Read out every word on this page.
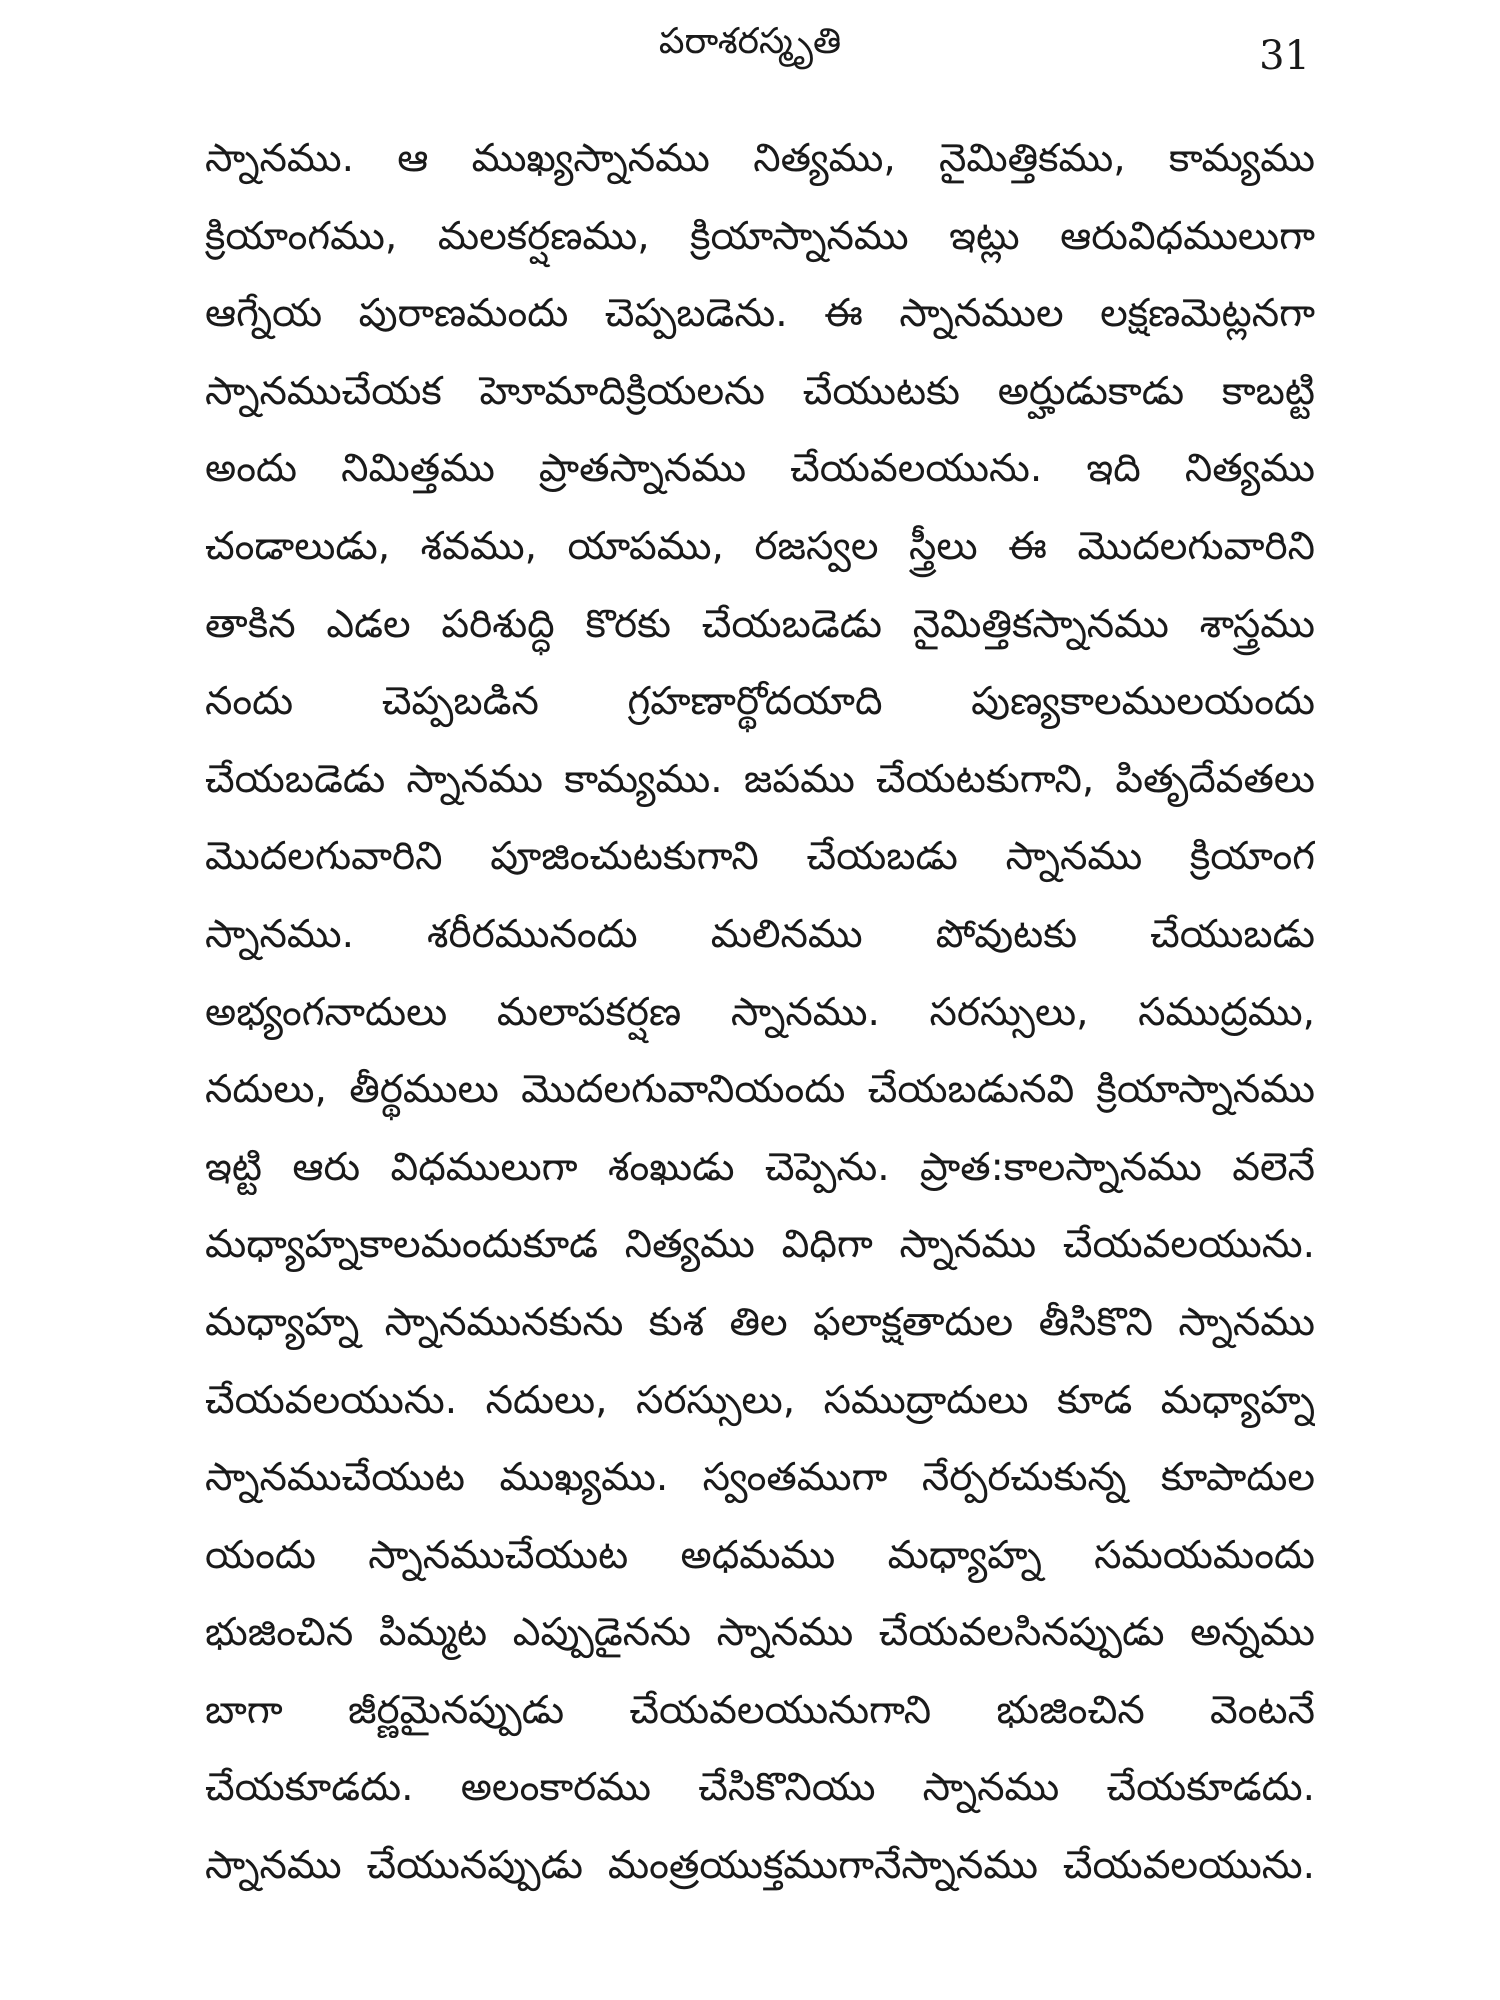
పరాశరస్మృతి	31
స్నానము. ఆ ముఖ్యస్నానము నిత్యము, నైమిత్తికము, కామ్యము
క్రియాంగము, మలకర్షణము, క్రియాస్నానము ఇట్లు ఆరువిధములుగా
ఆగ్నేయ పురాణమందు చెప్పబడెను. ఈ స్నానముల లక్షణమెట్లనగా
స్నానముచేయక హెూమాదిక్రియలను చేయుటకు అర్హుడుకాడు కాబట్టి
అందు నిమిత్తము ప్రాతస్నానము చేయవలయును. ఇది నిత్యము
చండాలుడు, శవము, యాపము, రజస్వల స్త్రీలు ఈ మొదలగువారిని
తాకిన ఎడల పరిశుద్ధి కొరకు చేయబడెడు నైమిత్తికస్నానము శాస్త్రము
నందు చెప్పబడిన గ్రహణార్థోదయాది పుణ్యకాలములయందు
చేయబడెడు స్నానము కామ్యము. జపము చేయటకుగాని, పితృదేవతలు
మొదలగువారిని పూజించుటకుగాని చేయబడు స్నానము క్రియాంగ
స్నానము. శరీరమునందు మలినము పోవుటకు చేయుబడు
అభ్యంగనాదులు మలాపకర్షణ స్నానము. సరస్సులు, సముద్రము,
నదులు, తీర్థములు మొదలగువానియందు చేయబడునవి క్రియాస్నానము
ఇట్టి ఆరు విధములుగా శంఖుడు చెప్పెను. ప్రాత:కాలస్నానము వలెనే
మధ్యాహ్నకాలమందుకూడ నిత్యము విధిగా స్నానము చేయవలయును.
మధ్యాహ్న స్నానమునకును కుశ తిల ఫలాక్షతాదుల తీసికొని స్నానము
చేయవలయును. నదులు, సరస్సులు, సముద్రాదులు కూడ మధ్యాహ్న
స్నానముచేయుట ముఖ్యము. స్వంతముగా నేర్పరచుకున్న కూపాదుల
యందు స్నానముచేయుట అధమము మధ్యాహ్న సమయమందు
భుజించిన పిమ్మట ఎప్పుడైనను స్నానము చేయవలసినప్పుడు అన్నము
బాగా జీర్ణమైనప్పుడు చేయవలయునుగాని భుజించిన వెంటనే
చేయకూడదు. అలంకారము చేసికొనియు స్నానము చేయకూడదు.
స్నానము చేయునప్పుడు మంత్రయుక్తముగానేస్నానము చేయవలయును.
